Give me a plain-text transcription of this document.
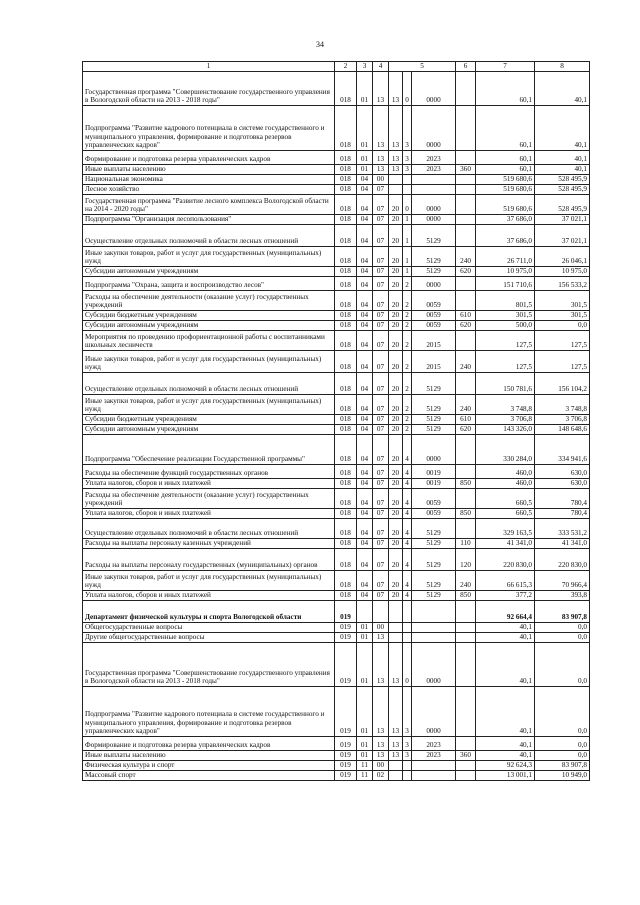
34
1	2	3	4	5			6	7	8
Государственная программа "Совершенствование государственного управления в Вологодской области на 2013 - 2018 годы"	018	01	13	13	0	0000		60,1	40,1
Подпрограмма "Развитие кадрового потенциала в системе государственного и муниципального управления, формирование и подготовка резервов управленческих кадров"	018	01	13	13	3	0000		60,1	40,1
Формирование и подготовка резерва управленческих кадров	018	01	13	13	3	2023		60,1	40,1
Иные выплаты населению	018	01	13	13	3	2023	360	60,1	40,1
Национальная экономика	018	04	00					519 680,6	528 495,9
Лесное хозяйство	018	04	07					519 680,6	528 495,9
Государственная программа "Развитие лесного комплекса Вологодской области на 2014 - 2020 годы"	018	04	07	20	0	0000		519 680,6	528 495,9
Подпрограмма "Организация лесопользования"	018	04	07	20	1	0000		37 686,0	37 021,1
Осуществление отдельных полномочий в области лесных отношений	018	04	07	20	1	5129		37 686,0	37 021,1
Иные закупки товаров, работ и услуг для государственных (муниципальных) нужд	018	04	07	20	1	5129	240	26 711,0	26 046,1
Субсидии автономным учреждениям	018	04	07	20	1	5129	620	10 975,0	10 975,0
Подпрограмма "Охрана, защита и воспроизводство лесов"	018	04	07	20	2	0000		151 710,6	156 533,2
Расходы на обеспечение деятельности (оказание услуг) государственных учреждений	018	04	07	20	2	0059		801,5	301,5
Субсидии бюджетным учреждениям	018	04	07	20	2	0059	610	301,5	301,5
Субсидии автономным учреждениям	018	04	07	20	2	0059	620	500,0	0,0
Мероприятия по проведению профориентационной работы с воспитанниками школьных лесничеств	018	04	07	20	2	2015		127,5	127,5
Иные закупки товаров, работ и услуг для государственных (муниципальных) нужд	018	04	07	20	2	2015	240	127,5	127,5
Осуществление отдельных полномочий в области лесных отношений	018	04	07	20	2	5129		150 781,6	156 104,2
Иные закупки товаров, работ и услуг для государственных (муниципальных) нужд	018	04	07	20	2	5129	240	3 748,8	3 748,8
Субсидии бюджетным учреждениям	018	04	07	20	2	5129	610	3 706,8	3 706,8
Субсидии автономным учреждениям	018	04	07	20	2	5129	620	143 326,0	148 648,6
Подпрограмма "Обеспечение реализации Государственной программы"	018	04	07	20	4	0000		330 284,0	334 941,6
Расходы на обеспечение функций государственных органов	018	04	07	20	4	0019		460,0	630,0
Уплата налогов, сборов и иных платежей	018	04	07	20	4	0019	850	460,0	630,0
Расходы на обеспечение деятельности (оказание услуг) государственных учреждений	018	04	07	20	4	0059		660,5	780,4
Уплата налогов, сборов и иных платежей	018	04	07	20	4	0059	850	660,5	780,4
Осуществление отдельных полномочий в области лесных отношений	018	04	07	20	4	5129		329 163,5	333 531,2
Расходы на выплаты персоналу казенных учреждений	018	04	07	20	4	5129	110	41 341,0	41 341,0
Расходы на выплаты персоналу государственных (муниципальных) органов	018	04	07	20	4	5129	120	220 830,0	220 830,0
Иные закупки товаров, работ и услуг для государственных (муниципальных) нужд	018	04	07	20	4	5129	240	66 615,3	70 966,4
Уплата налогов, сборов и иных платежей	018	04	07	20	4	5129	850	377,2	393,8
Департамент физической культуры и спорта Вологодской области	019							92 664,4	83 907,8
Общегосударственные вопросы	019	01	00					40,1	0,0
Другие общегосударственные вопросы	019	01	13					40,1	0,0
Государственная программа "Совершенствование государственного управления в Вологодской области на 2013 - 2018 годы"	019	01	13	13	0	0000		40,1	0,0
Подпрограмма "Развитие кадрового потенциала в системе государственного и муниципального управления, формирование и подготовка резервов управленческих кадров"	019	01	13	13	3	0000		40,1	0,0
Формирование и подготовка резерва управленческих кадров	019	01	13	13	3	2023		40,1	0,0
Иные выплаты населению	019	01	13	13	3	2023	360	40,1	0,0
Физическая культура и спорт	019	11	00					92 624,3	83 907,8
Массовый спорт	019	11	02					13 001,1	10 949,0
